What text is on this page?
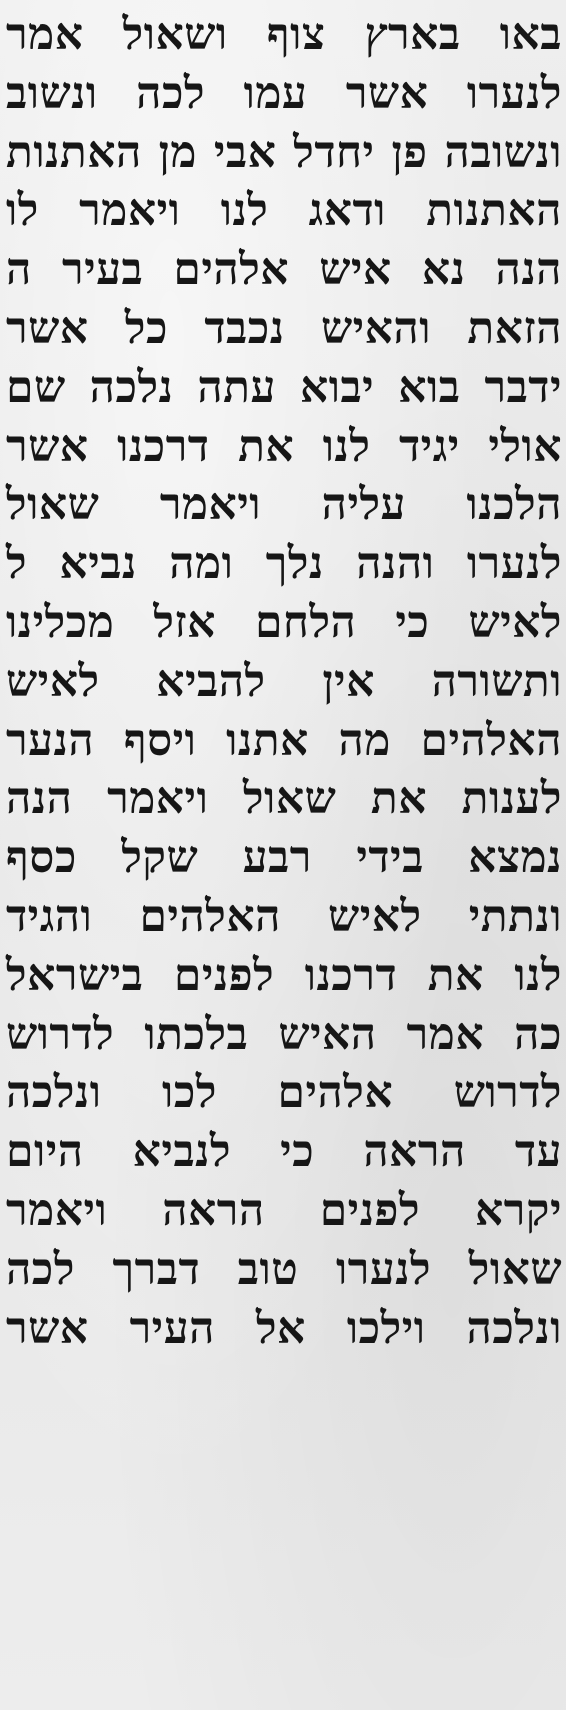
באו בארץ צוף ושאול אמר
לנערו אשר עמו לכה ונשוב
ונשובה פן יחדל אבי מן האתנות
האתנות ודאג לנו ויאמר לו
הנה נא איש אלהים בעיר ה
הזאת והאיש נכבד כל אשר
ידבר בוא יבוא עתה נלכה שם
אולי יגיד לנו את דרכנו אשר
הלכנו עליה ויאמר שאול
לנערו והנה נלך ומה נביא ל
לאיש כי הלחם אזל מכלינו
ותשורה אין להביא לאיש
האלהים מה אתנו ויסף הנער
לענות את שאול ויאמר הנה
נמצא בידי רבע שקל כסף
ונתתי לאיש האלהים והגיד
לנו את דרכנו לפנים בישראל
כה אמר האיש בלכתו לדרוש
לדרוש אלהים לכו ונלכה
עד הראה כי לנביא היום
יקרא לפנים הראה ויאמר
שאול לנערו טוב דברך לכה
ונלכה וילכו אל העיר אשר
